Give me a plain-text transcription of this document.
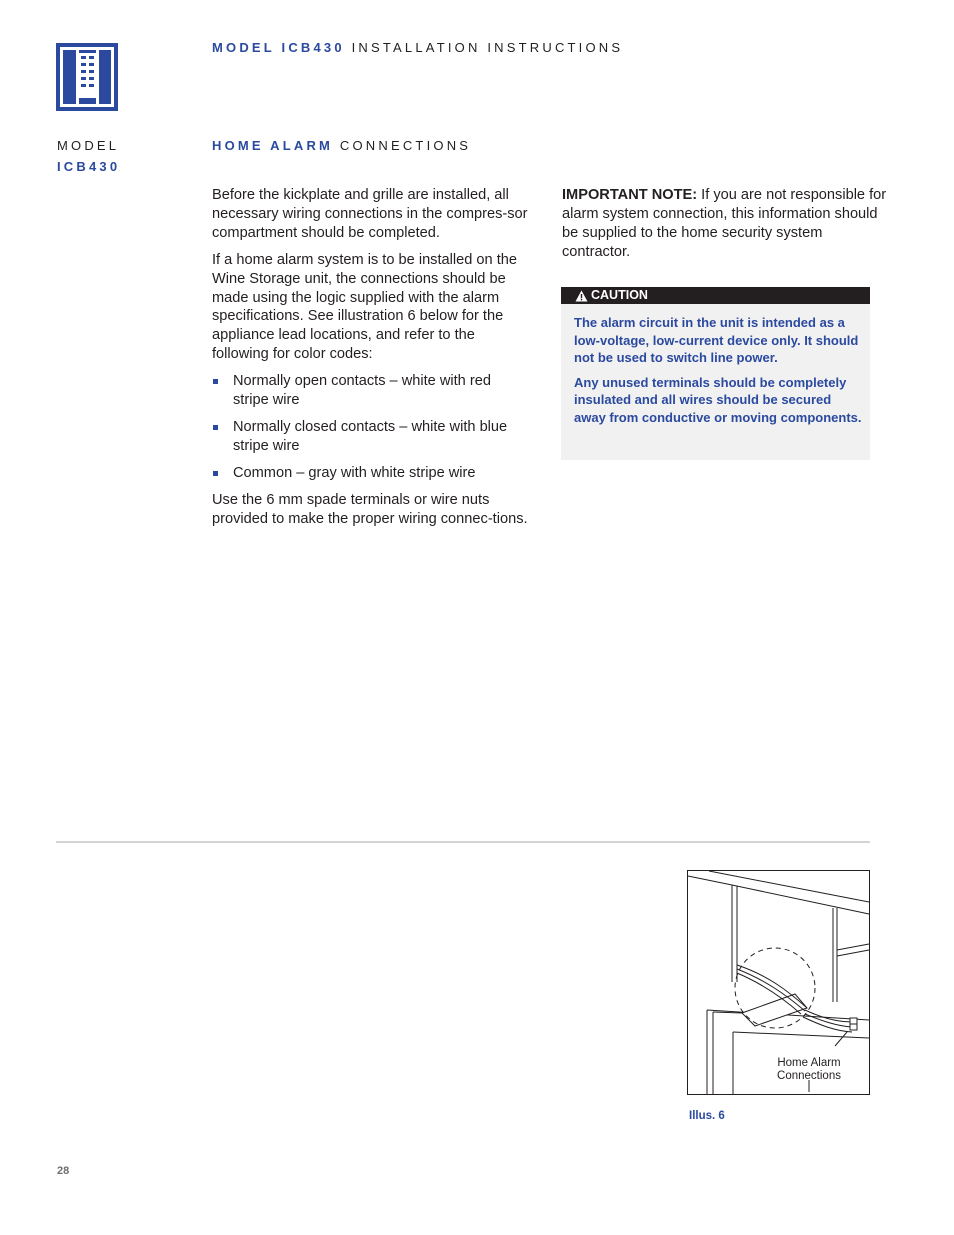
MODEL ICB430 INSTALLATION INSTRUCTIONS
MODEL
ICB430
HOME ALARM CONNECTIONS

Before the kickplate and grille are installed, all necessary wiring connections in the compres-sor compartment should be completed.

If a home alarm system is to be installed on the Wine Storage unit, the connections should be made using the logic supplied with the alarm specifications. See illustration 6 below for the appliance lead locations, and refer to the following for color codes:

Normally open contacts – white with red stripe wire
Normally closed contacts – white with blue stripe wire
Common – gray with white stripe wire

Use the 6 mm spade terminals or wire nuts provided to make the proper wiring connec-tions.

IMPORTANT NOTE: If you are not responsible for alarm system connection, this information should be supplied to the home security system contractor.

CAUTION

The alarm circuit in the unit is intended as a low-voltage, low-current device only. It should not be used to switch line power.

Any unused terminals should be completely insulated and all wires should be secured away from conductive or moving components.

Home Alarm
Connections
Illus. 6
28
